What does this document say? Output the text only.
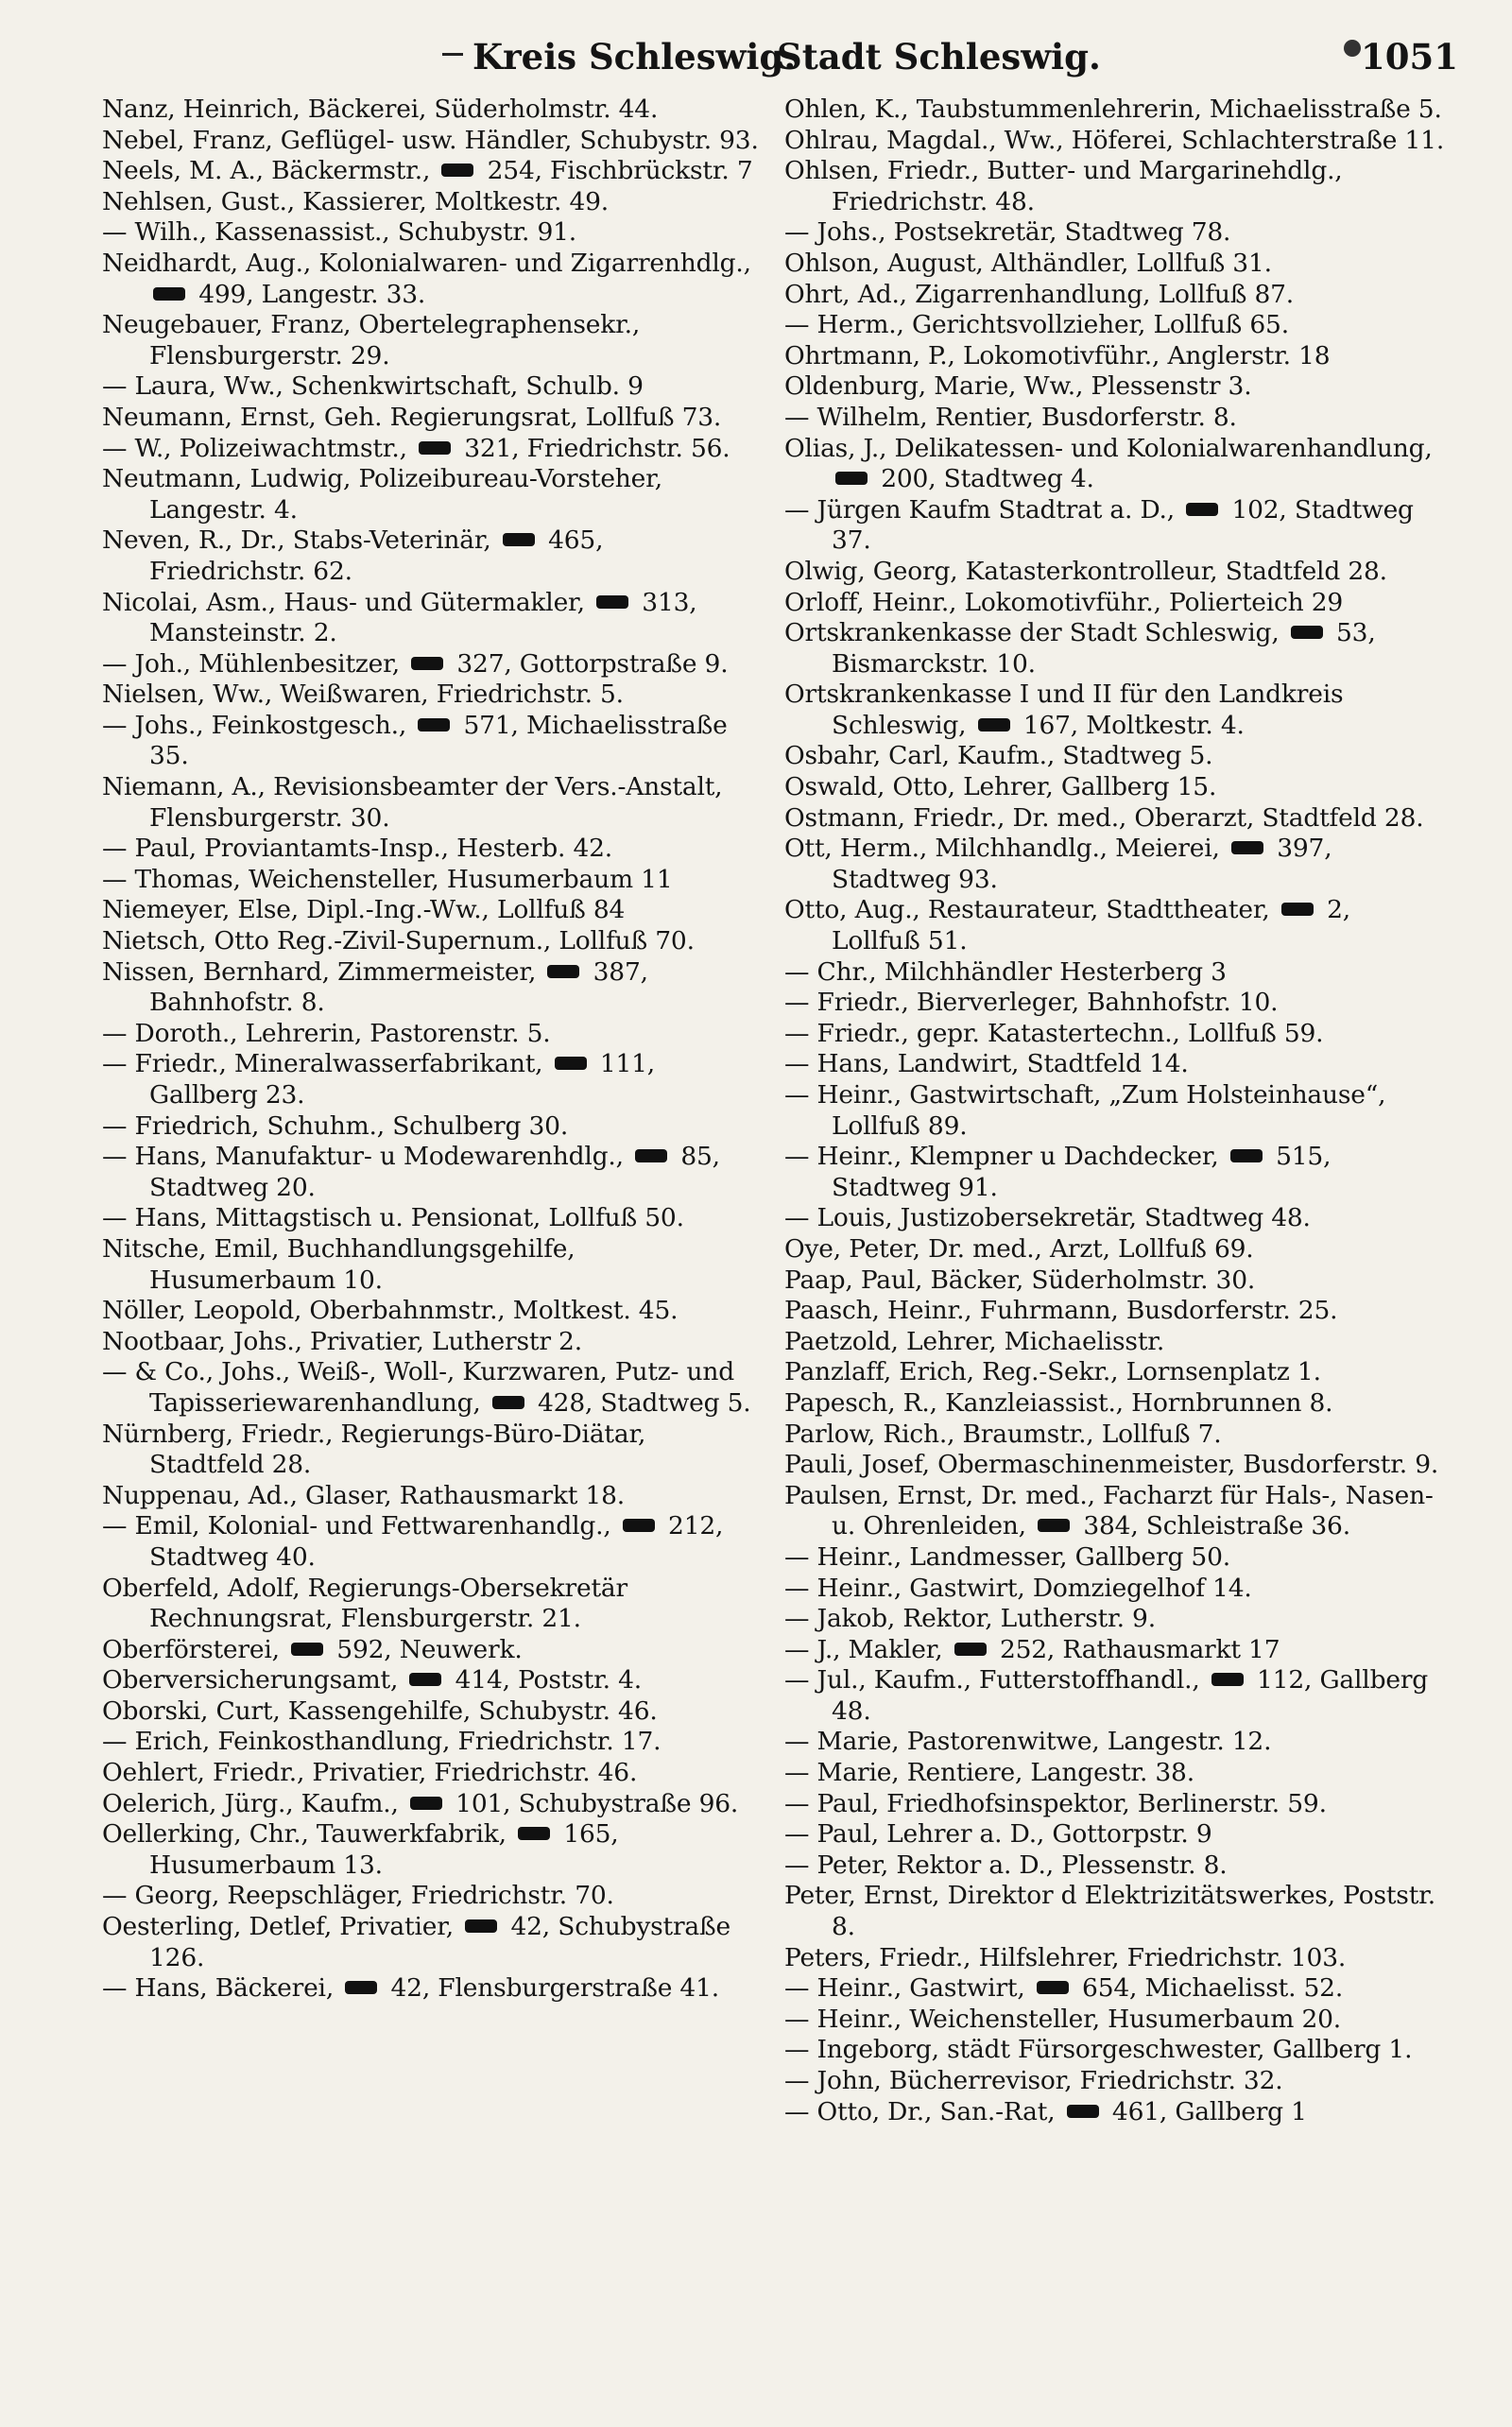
Kreis Schleswig.
Stadt Schleswig.	1051
Nanz, Heinrich, Bäckerei, Süderholmstr. 44.
Nebel, Franz, Geflügel- usw. Händler, Schubystr. 93.
Neels, M. A., Bäckermstr.,  254, Fischbrückstr. 7
Nehlsen, Gust., Kassierer, Moltkestr. 49.
— Wilh., Kassenassist., Schubystr. 91.
Neidhardt, Aug., Kolonialwaren- und Zigarrenhdlg.,  499, Langestr. 33.
Neugebauer, Franz, Obertelegraphensekr., Flensburgerstr. 29.
— Laura, Ww., Schenkwirtschaft, Schulb. 9
Neumann, Ernst, Geh. Regierungsrat, Lollfuß 73.
— W., Polizeiwachtmstr.,  321, Friedrichstr. 56.
Neutmann, Ludwig, Polizeibureau-Vorsteher, Langestr. 4.
Neven, R., Dr., Stabs-Veterinär,  465, Friedrichstr. 62.
Nicolai, Asm., Haus- und Gütermakler,  313, Mansteinstr. 2.
— Joh., Mühlenbesitzer,  327, Gottorpstraße 9.
Nielsen, Ww., Weißwaren, Friedrichstr. 5.
— Johs., Feinkostgesch.,  571, Michaelisstraße 35.
Niemann, A., Revisionsbeamter der Vers.-Anstalt, Flensburgerstr. 30.
— Paul, Proviantamts-Insp., Hesterb. 42.
— Thomas, Weichensteller, Husumerbaum 11
Niemeyer, Else, Dipl.-Ing.-Ww., Lollfuß 84
Nietsch, Otto Reg.-Zivil-Supernum., Lollfuß 70.
Nissen, Bernhard, Zimmermeister,  387, Bahnhofstr. 8.
— Doroth., Lehrerin, Pastorenstr. 5.
— Friedr., Mineralwasserfabrikant,  111, Gallberg 23.
— Friedrich, Schuhm., Schulberg 30.
— Hans, Manufaktur- u Modewarenhdlg.,  85, Stadtweg 20.
— Hans, Mittagstisch u. Pensionat, Lollfuß 50.
Nitsche, Emil, Buchhandlungsgehilfe, Husumerbaum 10.
Nöller, Leopold, Oberbahnmstr., Moltkest. 45.
Nootbaar, Johs., Privatier, Lutherstr 2.
— & Co., Johs., Weiß-, Woll-, Kurzwaren, Putz- und Tapisseriewarenhandlung,  428, Stadtweg 5.
Nürnberg, Friedr., Regierungs-Büro-Diätar, Stadtfeld 28.
Nuppenau, Ad., Glaser, Rathausmarkt 18.
— Emil, Kolonial- und Fettwarenhandlg.,  212, Stadtweg 40.
Oberfeld, Adolf, Regierungs-Obersekretär Rechnungsrat, Flensburgerstr. 21.
Oberförsterei,  592, Neuwerk.
Oberversicherungsamt,  414, Poststr. 4.
Oborski, Curt, Kassengehilfe, Schubystr. 46.
— Erich, Feinkosthandlung, Friedrichstr. 17.
Oehlert, Friedr., Privatier, Friedrichstr. 46.
Oelerich, Jürg., Kaufm.,  101, Schubystraße 96.
Oellerking, Chr., Tauwerkfabrik,  165, Husumerbaum 13.
— Georg, Reepschläger, Friedrichstr. 70.
Oesterling, Detlef, Privatier,  42, Schubystraße 126.
— Hans, Bäckerei,  42, Flensburgerstraße 41.
Ohlen, K., Taubstummenlehrerin, Michaelisstraße 5.
Ohlrau, Magdal., Ww., Höferei, Schlachterstraße 11.
Ohlsen, Friedr., Butter- und Margarinehdlg., Friedrichstr. 48.
— Johs., Postsekretär, Stadtweg 78.
Ohlson, August, Althändler, Lollfuß 31.
Ohrt, Ad., Zigarrenhandlung, Lollfuß 87.
— Herm., Gerichtsvollzieher, Lollfuß 65.
Ohrtmann, P., Lokomotivführ., Anglerstr. 18
Oldenburg, Marie, Ww., Plessenstr 3.
— Wilhelm, Rentier, Busdorferstr. 8.
Olias, J., Delikatessen- und Kolonialwarenhandlung,  200, Stadtweg 4.
— Jürgen Kaufm Stadtrat a. D.,  102, Stadtweg 37.
Olwig, Georg, Katasterkontrolleur, Stadtfeld 28.
Orloff, Heinr., Lokomotivführ., Polierteich 29
Ortskrankenkasse der Stadt Schleswig,  53, Bismarckstr. 10.
Ortskrankenkasse I und II für den Landkreis Schleswig,  167, Moltkestr. 4.
Osbahr, Carl, Kaufm., Stadtweg 5.
Oswald, Otto, Lehrer, Gallberg 15.
Ostmann, Friedr., Dr. med., Oberarzt, Stadtfeld 28.
Ott, Herm., Milchhandlg., Meierei,  397, Stadtweg 93.
Otto, Aug., Restaurateur, Stadttheater,  2, Lollfuß 51.
— Chr., Milchhändler Hesterberg 3
— Friedr., Bierverleger, Bahnhofstr. 10.
— Friedr., gepr. Katastertechn., Lollfuß 59.
— Hans, Landwirt, Stadtfeld 14.
— Heinr., Gastwirtschaft, „Zum Holsteinhause“, Lollfuß 89.
— Heinr., Klempner u Dachdecker,  515, Stadtweg 91.
— Louis, Justizobersekretär, Stadtweg 48.
Oye, Peter, Dr. med., Arzt, Lollfuß 69.
Paap, Paul, Bäcker, Süderholmstr. 30.
Paasch, Heinr., Fuhrmann, Busdorferstr. 25.
Paetzold, Lehrer, Michaelisstr.
Panzlaff, Erich, Reg.-Sekr., Lornsenplatz 1.
Papesch, R., Kanzleiassist., Hornbrunnen 8.
Parlow, Rich., Braumstr., Lollfuß 7.
Pauli, Josef, Obermaschinenmeister, Busdorferstr. 9.
Paulsen, Ernst, Dr. med., Facharzt für Hals-, Nasen- u. Ohrenleiden,  384, Schleistraße 36.
— Heinr., Landmesser, Gallberg 50.
— Heinr., Gastwirt, Domziegelhof 14.
— Jakob, Rektor, Lutherstr. 9.
— J., Makler,  252, Rathausmarkt 17
— Jul., Kaufm., Futterstoffhandl.,  112, Gallberg 48.
— Marie, Pastorenwitwe, Langestr. 12.
— Marie, Rentiere, Langestr. 38.
— Paul, Friedhofsinspektor, Berlinerstr. 59.
— Paul, Lehrer a. D., Gottorpstr. 9
— Peter, Rektor a. D., Plessenstr. 8.
Peter, Ernst, Direktor d Elektrizitätswerkes, Poststr. 8.
Peters, Friedr., Hilfslehrer, Friedrichstr. 103.
— Heinr., Gastwirt,  654, Michaelisst. 52.
— Heinr., Weichensteller, Husumerbaum 20.
— Ingeborg, städt Fürsorgeschwester, Gallberg 1.
— John, Bücherrevisor, Friedrichstr. 32.
— Otto, Dr., San.-Rat,  461, Gallberg 1
